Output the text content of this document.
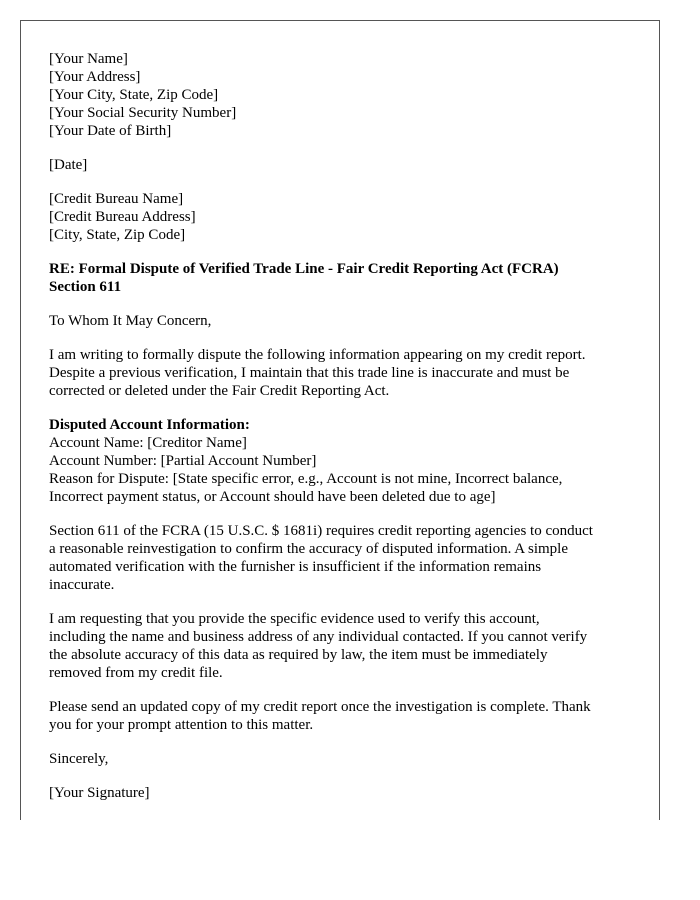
[Your Name]
[Your Address]
[Your City, State, Zip Code]
[Your Social Security Number]
[Your Date of Birth]
[Date]
[Credit Bureau Name]
[Credit Bureau Address]
[City, State, Zip Code]
RE: Formal Dispute of Verified Trade Line - Fair Credit Reporting Act (FCRA)
Section 611
To Whom It May Concern,
I am writing to formally dispute the following information appearing on my credit report.
Despite a previous verification, I maintain that this trade line is inaccurate and must be
corrected or deleted under the Fair Credit Reporting Act.
Disputed Account Information:
Account Name: [Creditor Name]
Account Number: [Partial Account Number]
Reason for Dispute: [State specific error, e.g., Account is not mine, Incorrect balance,
Incorrect payment status, or Account should have been deleted due to age]
Section 611 of the FCRA (15 U.S.C. $ 1681i) requires credit reporting agencies to conduct
a reasonable reinvestigation to confirm the accuracy of disputed information. A simple
automated verification with the furnisher is insufficient if the information remains
inaccurate.
I am requesting that you provide the specific evidence used to verify this account,
including the name and business address of any individual contacted. If you cannot verify
the absolute accuracy of this data as required by law, the item must be immediately
removed from my credit file.
Please send an updated copy of my credit report once the investigation is complete. Thank
you for your prompt attention to this matter.
Sincerely,
[Your Signature]
